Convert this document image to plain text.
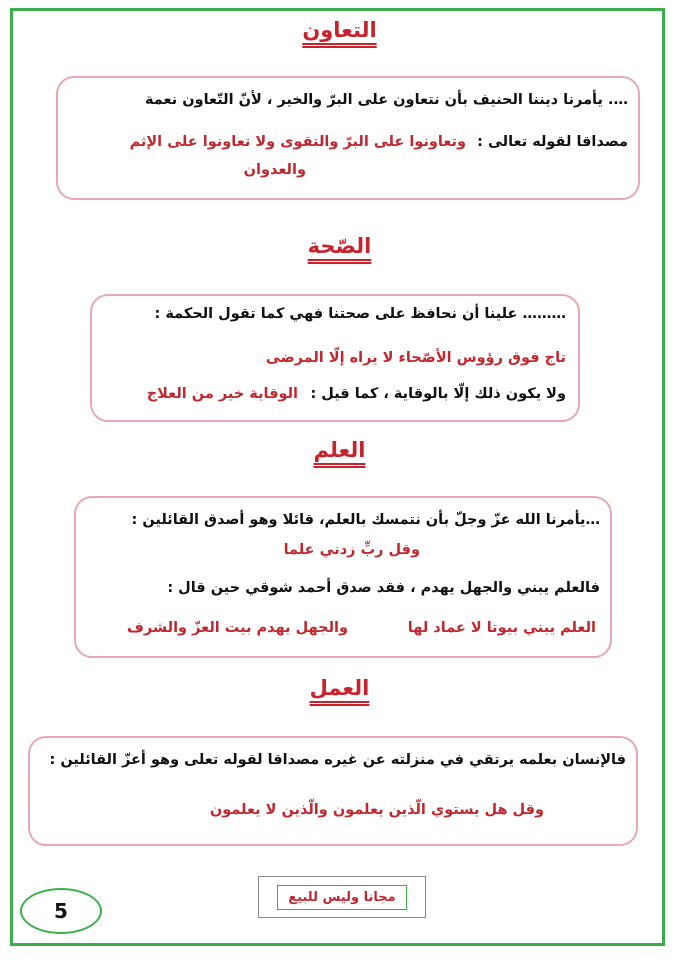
التعاون
…. يأمرنا ديننا الحنيف بأن نتعاون على البرّ والخير ، لأنّ التّعاون نعمة
مصداقا لقوله تعالى :
وتعاونوا على البرّ والتقوى ولا تعاونوا على الإثم
والعدوان
الصّحة
……… علينا أن نحافظ على صحتنا فهي كما تقول الحكمة :
تاج فوق رؤوس الأصّحاء لا يراه إلّا المرضى
ولا يكون ذلك إلّا بالوقاية ، كما قيل :
الوقاية خير من العلاج
العلم
…يأمرنا الله عزّ وجلّ بأن نتمسك بالعلم، قائلا وهو أصدق القائلين :
وقل ربِّ زدني علما
فالعلم يبني والجهل يهدم ، فقد صدق أحمد شوقي حين قال :
العلم يبني بيوتا لا عماد لها
والجهل يهدم بيت العزّ والشرف
العمل
فالإنسان بعلمه يرتقي في منزلته عن غيره مصداقا لقوله تعلى وهو أعزّ القائلين :
وقل هل يستوي الّذين يعلمون والّذين لا يعلمون
مجانا وليس للبيع
5
